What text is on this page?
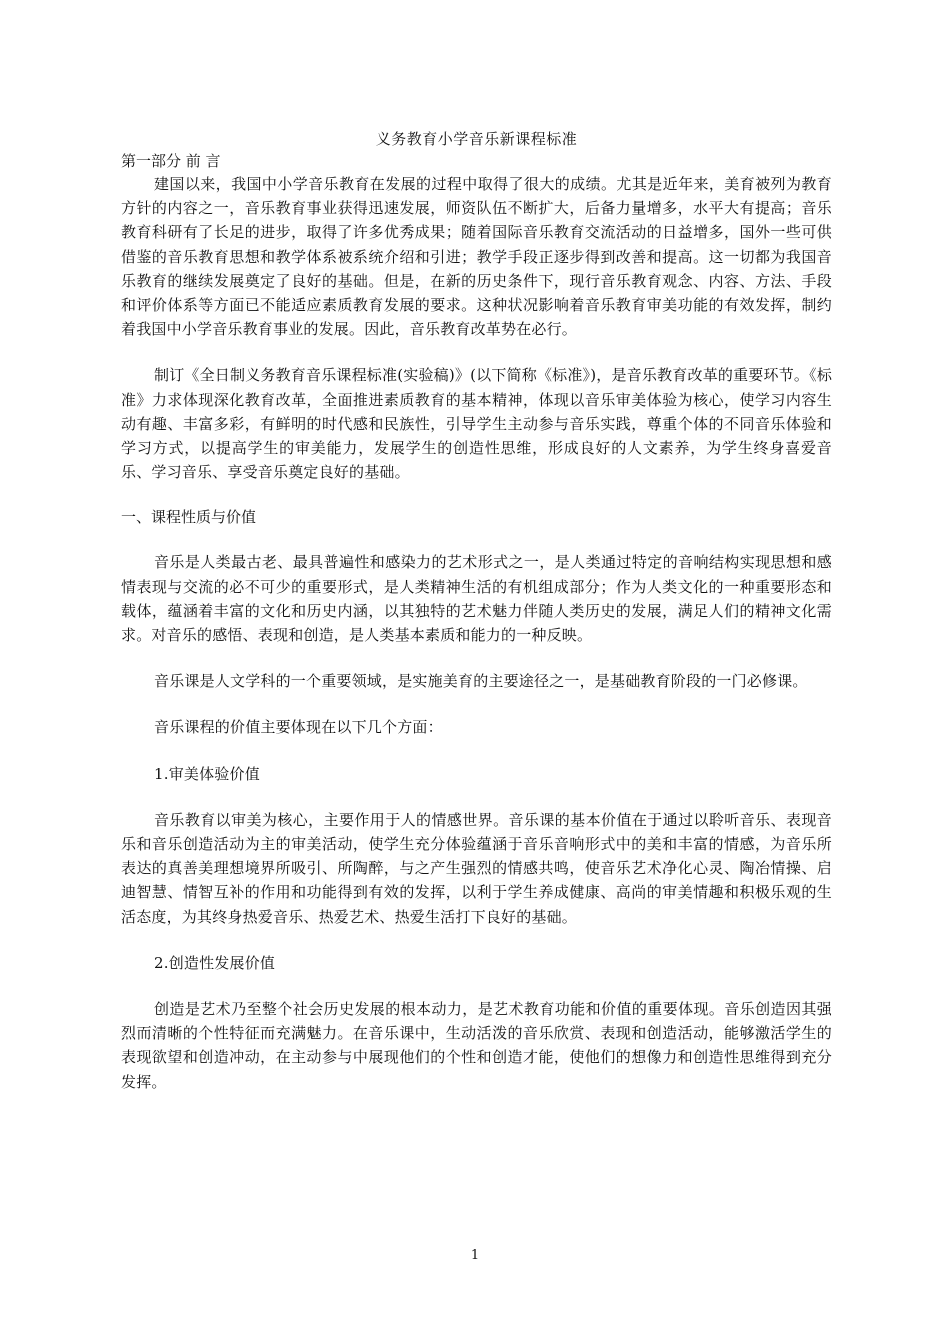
义务教育小学音乐新课程标准
第一部分 前 言

建国以来，我国中小学音乐教育在发展的过程中取得了很大的成绩。尤其是近年来，美育被列为教育方针的内容之一，音乐教育事业获得迅速发展，师资队伍不断扩大，后备力量增多，水平大有提高；音乐教育科研有了长足的进步，取得了许多优秀成果；随着国际音乐教育交流活动的日益增多，国外一些可供借鉴的音乐教育思想和教学体系被系统介绍和引进；教学手段正逐步得到改善和提高。这一切都为我国音乐教育的继续发展奠定了良好的基础。但是，在新的历史条件下，现行音乐教育观念、内容、方法、手段和评价体系等方面已不能适应素质教育发展的要求。这种状况影响着音乐教育审美功能的有效发挥，制约着我国中小学音乐教育事业的发展。因此，音乐教育改革势在必行。

制订《全日制义务教育音乐课程标准(实验稿)》(以下简称《标准》)，是音乐教育改革的重要环节。《标准》力求体现深化教育改革，全面推进素质教育的基本精神，体现以音乐审美体验为核心，使学习内容生动有趣、丰富多彩，有鲜明的时代感和民族性，引导学生主动参与音乐实践，尊重个体的不同音乐体验和学习方式，以提高学生的审美能力，发展学生的创造性思维，形成良好的人文素养，为学生终身喜爱音乐、学习音乐、享受音乐奠定良好的基础。

一、课程性质与价值

音乐是人类最古老、最具普遍性和感染力的艺术形式之一，是人类通过特定的音响结构实现思想和感情表现与交流的必不可少的重要形式，是人类精神生活的有机组成部分；作为人类文化的一种重要形态和载体，蕴涵着丰富的文化和历史内涵，以其独特的艺术魅力伴随人类历史的发展，满足人们的精神文化需求。对音乐的感悟、表现和创造，是人类基本素质和能力的一种反映。

音乐课是人文学科的一个重要领域，是实施美育的主要途径之一，是基础教育阶段的一门必修课。

音乐课程的价值主要体现在以下几个方面：

1.审美体验价值

音乐教育以审美为核心，主要作用于人的情感世界。音乐课的基本价值在于通过以聆听音乐、表现音乐和音乐创造活动为主的审美活动，使学生充分体验蕴涵于音乐音响形式中的美和丰富的情感，为音乐所表达的真善美理想境界所吸引、所陶醉，与之产生强烈的情感共鸣，使音乐艺术净化心灵、陶冶情操、启迪智慧、情智互补的作用和功能得到有效的发挥，以利于学生养成健康、高尚的审美情趣和积极乐观的生活态度，为其终身热爱音乐、热爱艺术、热爱生活打下良好的基础。

2.创造性发展价值

创造是艺术乃至整个社会历史发展的根本动力，是艺术教育功能和价值的重要体现。音乐创造因其强烈而清晰的个性特征而充满魅力。在音乐课中，生动活泼的音乐欣赏、表现和创造活动，能够激活学生的表现欲望和创造冲动，在主动参与中展现他们的个性和创造才能，使他们的想像力和创造性思维得到充分发挥。

1
